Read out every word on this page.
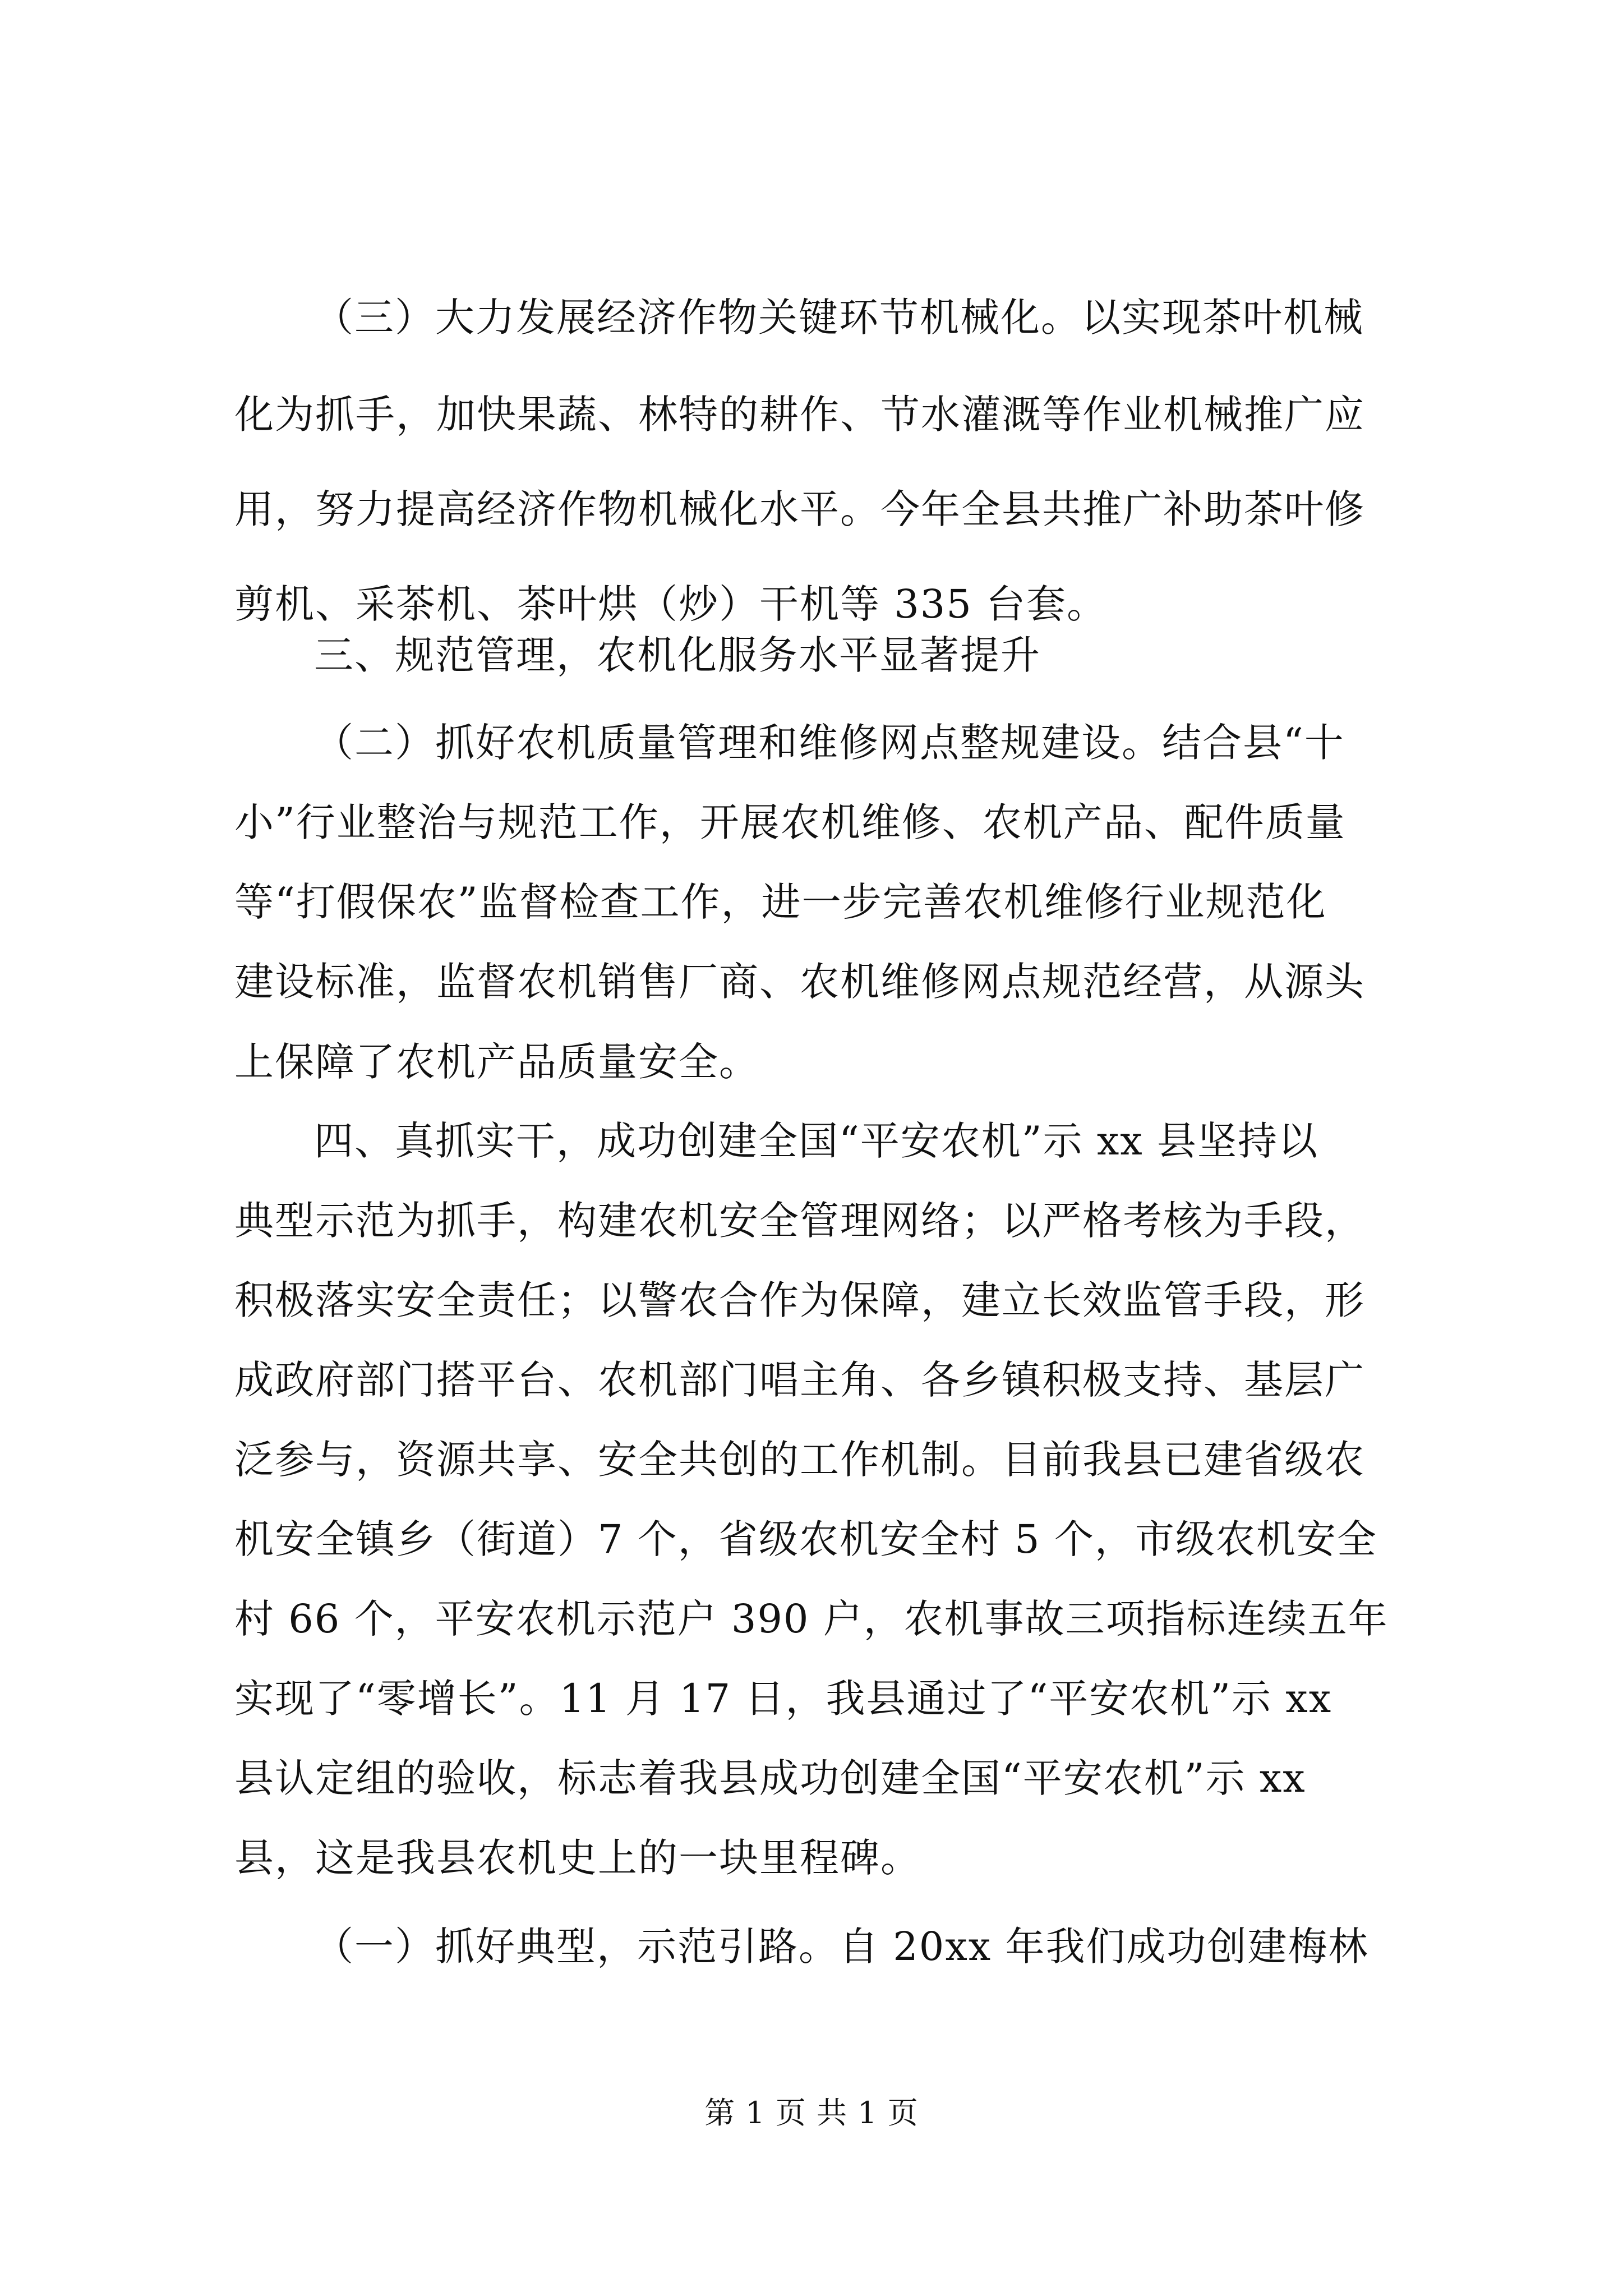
（三）大力发展经济作物关键环节机械化。以实现茶叶机械
化为抓手，加快果蔬、林特的耕作、节水灌溉等作业机械推广应
用，努力提高经济作物机械化水平。今年全县共推广补助茶叶修
剪机、采茶机、茶叶烘（炒）干机等 335 台套。
三、规范管理，农机化服务水平显著提升
（二）抓好农机质量管理和维修网点整规建设。结合县“十
小”行业整治与规范工作，开展农机维修、农机产品、配件质量
等“打假保农”监督检查工作，进一步完善农机维修行业规范化
建设标准，监督农机销售厂商、农机维修网点规范经营，从源头
上保障了农机产品质量安全。
四、真抓实干，成功创建全国“平安农机”示 xx 县坚持以
典型示范为抓手，构建农机安全管理网络；以严格考核为手段，
积极落实安全责任；以警农合作为保障，建立长效监管手段，形
成政府部门搭平台、农机部门唱主角、各乡镇积极支持、基层广
泛参与，资源共享、安全共创的工作机制。目前我县已建省级农
机安全镇乡（街道）7 个，省级农机安全村 5 个，市级农机安全
村 66 个，平安农机示范户 390 户，农机事故三项指标连续五年
实现了“零增长”。11 月 17 日，我县通过了“平安农机”示 xx
县认定组的验收，标志着我县成功创建全国“平安农机”示 xx
县，这是我县农机史上的一块里程碑。
（一）抓好典型，示范引路。自 20xx 年我们成功创建梅林
第 1 页 共 1 页
